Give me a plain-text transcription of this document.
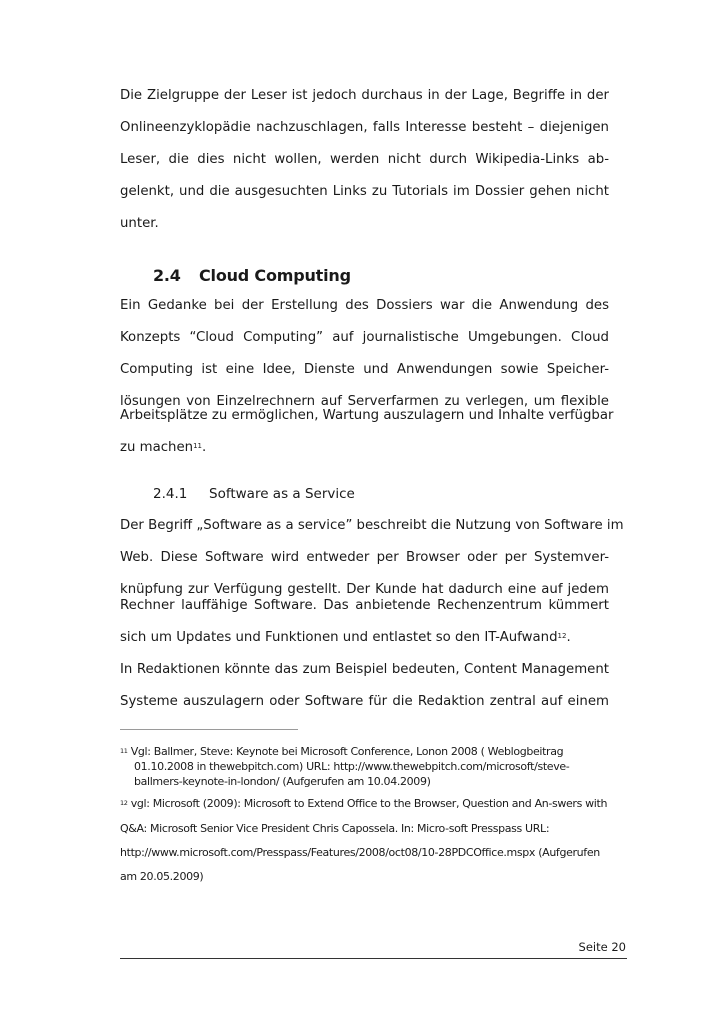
Die Zielgruppe der Leser ist jedoch durchaus in der Lage, Begriffe in der
Onlineenzyklopädie nachzuschlagen, falls Interesse besteht – diejenigen
Leser, die dies nicht wollen, werden nicht durch Wikipedia-Links ab-
gelenkt, und die ausgesuchten Links zu Tutorials im Dossier gehen nicht
unter.
2.4 Cloud Computing
Ein Gedanke bei der Erstellung des Dossiers war die Anwendung des
Konzepts “Cloud Computing” auf journalistische Umgebungen. Cloud
Computing ist eine Idee, Dienste und Anwendungen sowie Speicher-
lösungen von Einzelrechnern auf Serverfarmen zu verlegen, um flexible
Arbeitsplätze zu ermöglichen, Wartung auszulagern und Inhalte verfügbar
zu machen$^{11}$.
2.4.1 Software as a Service
Der Begriff „Software as a service” beschreibt die Nutzung von Software im
Web. Diese Software wird entweder per Browser oder per Systemver-
knüpfung zur Verfügung gestellt. Der Kunde hat dadurch eine auf jedem
Rechner lauffähige Software. Das anbietende Rechenzentrum kümmert
sich um Updates und Funktionen und entlastet so den IT-Aufwand$^{12}$.
In Redaktionen könnte das zum Beispiel bedeuten, Content Management
Systeme auszulagern oder Software für die Redaktion zentral auf einem
$^{11}$ Vgl: Ballmer, Steve: Keynote bei Microsoft Conference, Lonon 2008 ( Weblogbeitrag
01.10.2008 in thewebpitch.com) URL: http://www.thewebpitch.com/microsoft/steve-
ballmers-keynote-in-london/ (Aufgerufen am 10.04.2009)
$^{12}$ vgl: Microsoft (2009): Microsoft to Extend Office to the Browser, Question and An-swers with
Q&A: Microsoft Senior Vice President Chris Capossela. In: Micro-soft Presspass URL:
http://www.microsoft.com/Presspass/Features/2008/oct08/10-28PDCOffice.mspx (Aufgerufen
am 20.05.2009)
Seite 20
